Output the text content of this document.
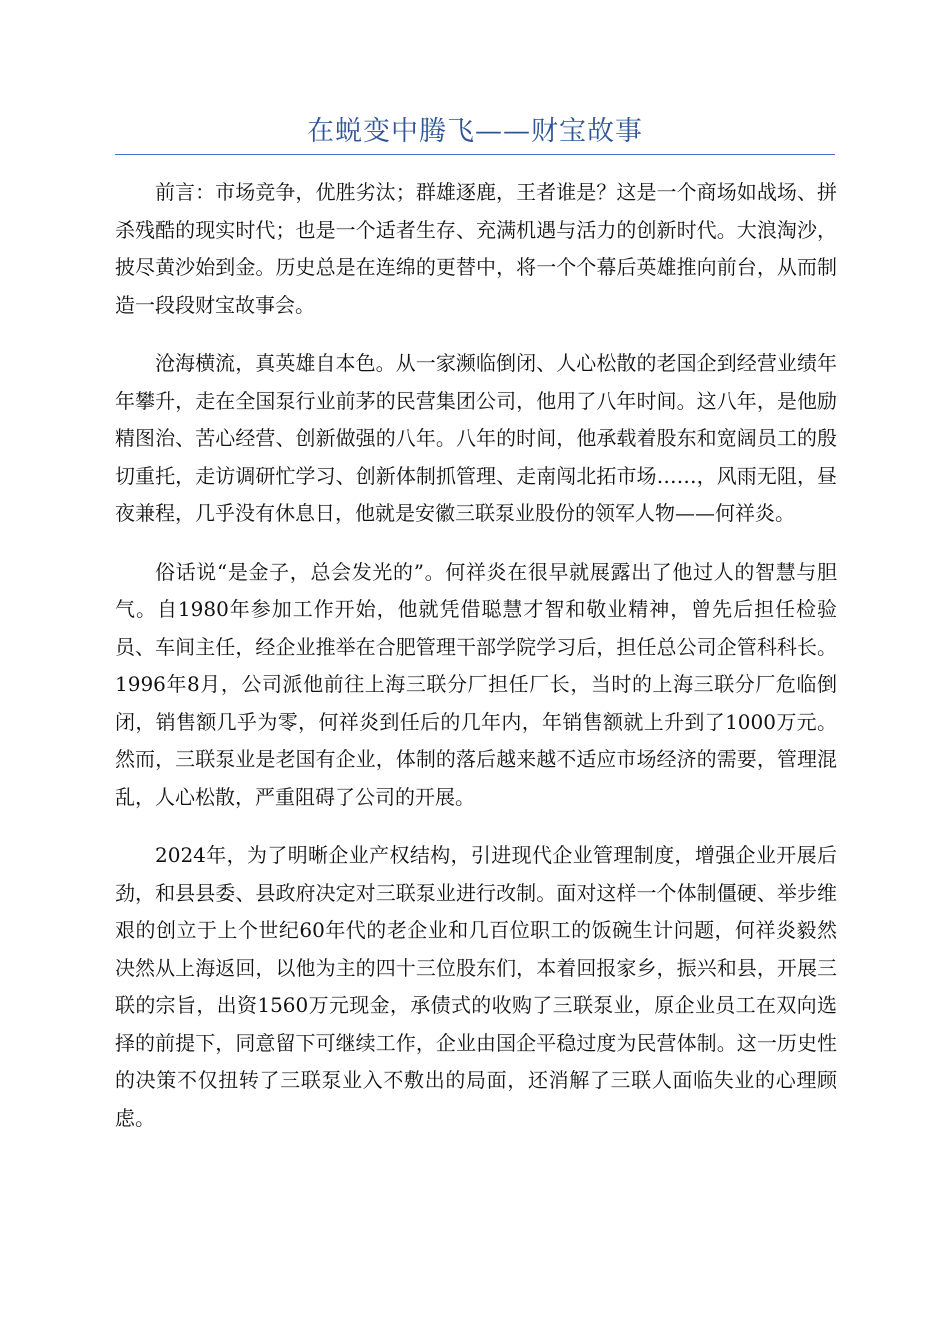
在蜕变中腾飞——财宝故事

前言：市场竞争，优胜劣汰；群雄逐鹿，王者谁是？这是一个商场如战场、拼杀残酷的现实时代；也是一个适者生存、充满机遇与活力的创新时代。大浪淘沙，披尽黄沙始到金。历史总是在连绵的更替中，将一个个幕后英雄推向前台，从而制造一段段财宝故事会。

沧海横流，真英雄自本色。从一家濒临倒闭、人心松散的老国企到经营业绩年年攀升，走在全国泵行业前茅的民营集团公司，他用了八年时间。这八年，是他励精图治、苦心经营、创新做强的八年。八年的时间，他承载着股东和宽阔员工的殷切重托，走访调研忙学习、创新体制抓管理、走南闯北拓市场……，风雨无阻，昼夜兼程，几乎没有休息日，他就是安徽三联泵业股份的领军人物——何祥炎。

俗话说“是金子，总会发光的”。何祥炎在很早就展露出了他过人的智慧与胆气。自1980年参加工作开始，他就凭借聪慧才智和敬业精神，曾先后担任检验员、车间主任，经企业推举在合肥管理干部学院学习后，担任总公司企管科科长。1996年8月，公司派他前往上海三联分厂担任厂长，当时的上海三联分厂危临倒闭，销售额几乎为零，何祥炎到任后的几年内，年销售额就上升到了1000万元。然而，三联泵业是老国有企业，体制的落后越来越不适应市场经济的需要，管理混乱，人心松散，严重阻碍了公司的开展。

2024年，为了明晰企业产权结构，引进现代企业管理制度，增强企业开展后劲，和县县委、县政府决定对三联泵业进行改制。面对这样一个体制僵硬、举步维艰的创立于上个世纪60年代的老企业和几百位职工的饭碗生计问题，何祥炎毅然决然从上海返回，以他为主的四十三位股东们，本着回报家乡，振兴和县，开展三联的宗旨，出资1560万元现金，承债式的收购了三联泵业，原企业员工在双向选择的前提下，同意留下可继续工作，企业由国企平稳过度为民营体制。这一历史性的决策不仅扭转了三联泵业入不敷出的局面，还消解了三联人面临失业的心理顾虑。
